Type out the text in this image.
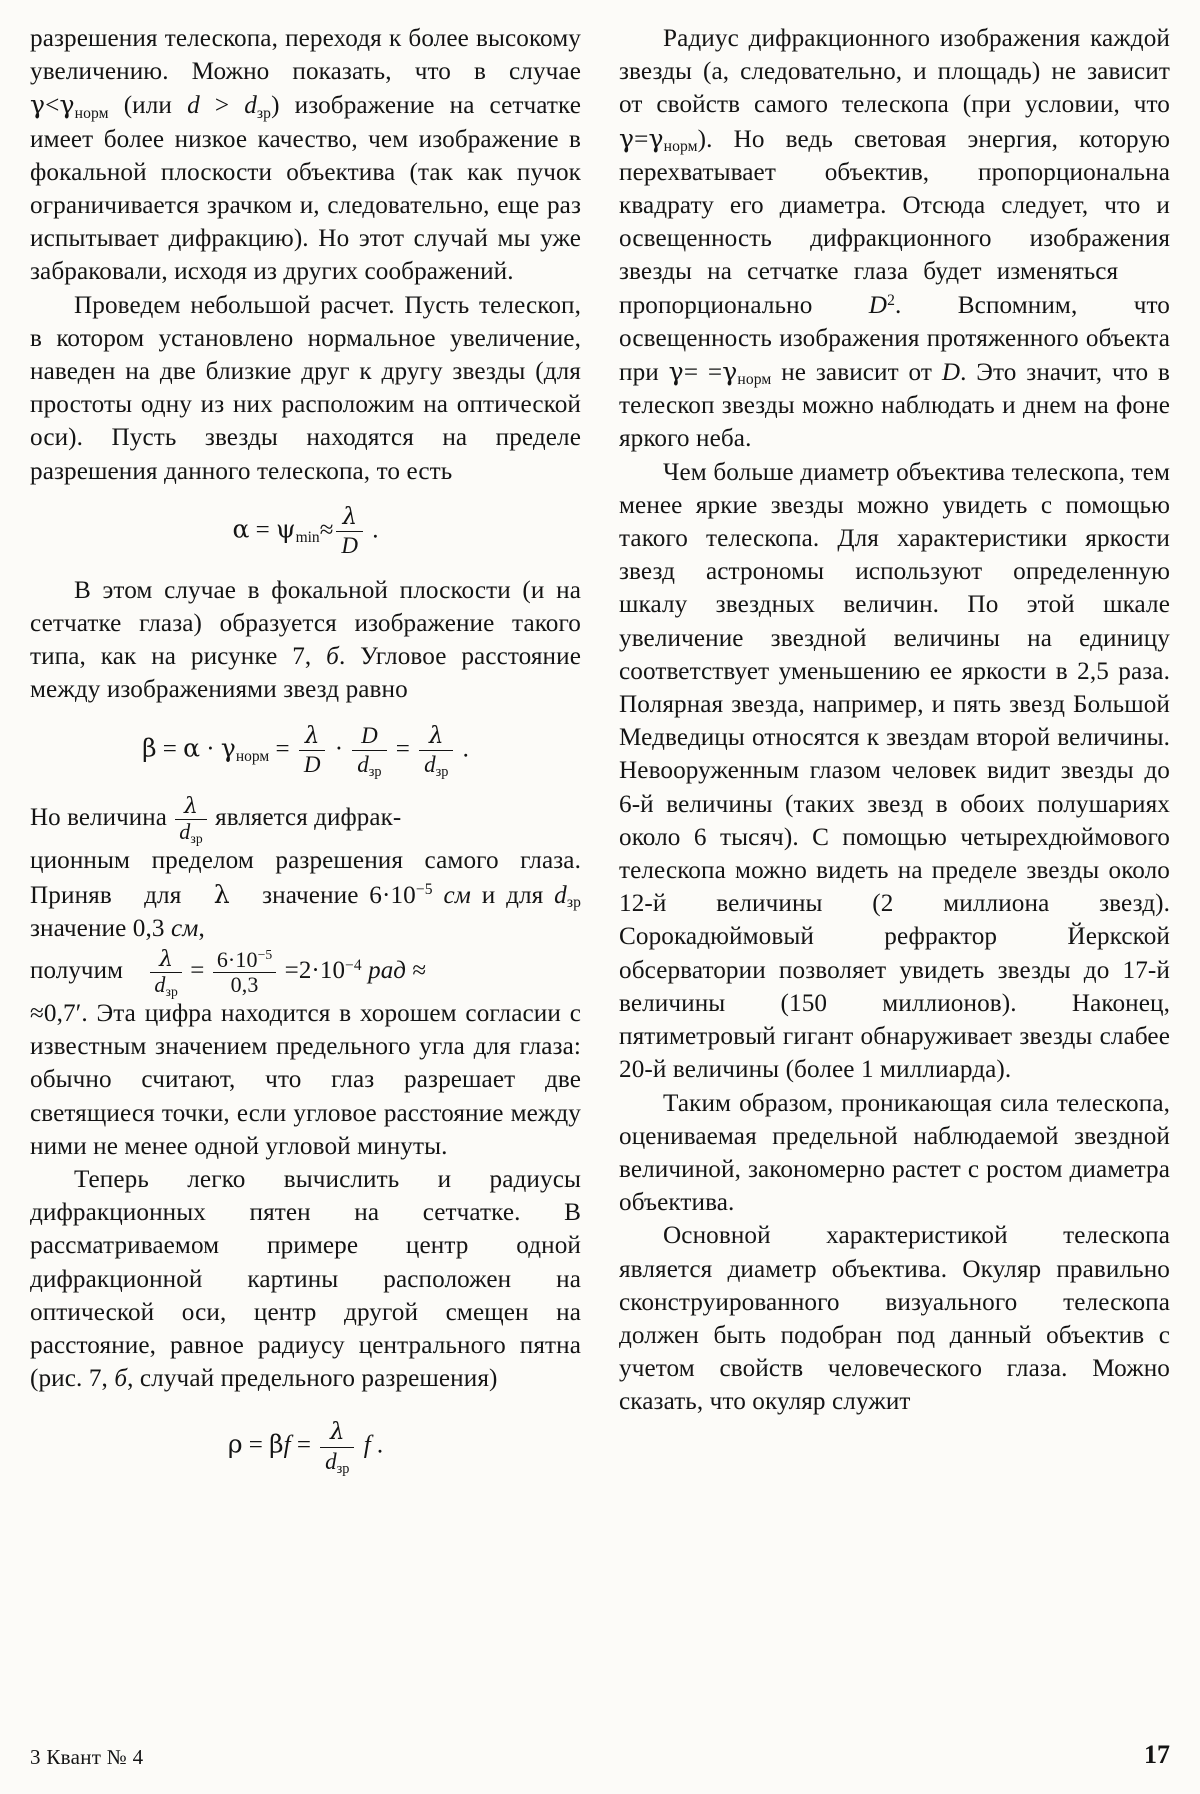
разрешения телескопа, переходя к более высокому увеличению. Можно показать, что в случае $\gamma<\gamma_{норм}$ (или $d > d_{зр}$) изображение на сетчатке имеет более низкое качество, чем изображение в фокальной плоскости объектива (так как пучок ограничивается зрачком и, следовательно, еще раз испытывает дифракцию). Но этот случай мы уже забраковали, исходя из других соображений.

Проведем небольшой расчет. Пусть телескоп, в котором установлено нормальное увеличение, наведен на две близкие друг к другу звезды (для простоты одну из них расположим на оптической оси). Пусть звезды находятся на пределе разрешения данного телескопа, то есть

$\alpha = \psi_{min}\approx \frac{\lambda}{D}$ .

В этом случае в фокальной плоскости (и на сетчатке глаза) образуется изображение такого типа, как на рисунке 7, б. Угловое расстояние между изображениями звезд равно

$\beta = \alpha \cdot \gamma_{норм} = \frac{\lambda}{D} \cdot \frac{D}{d_{зр}} = \frac{\lambda}{d_{зр}}$ .

Но величина $\frac{\lambda}{d_{зр}}$ является дифрак-

ционным пределом разрешения самого глаза. Приняв   для   λ   значение $6\cdot 10^{-5}$ см и для $d_{зр}$ значение 0,3 см,

получим $\frac{\lambda}{d_{зр}} = \frac{6\cdot 10^{-5}}{0,3} =2\cdot 10^{-4}$ рад ≈

≈0,7′. Эта цифра находится в хорошем согласии с известным значением предельного угла для глаза: обычно считают, что глаз разрешает две светящиеся точки, если угловое расстояние между ними не менее одной угловой минуты.

Теперь легко вычислить и радиусы дифракционных пятен на сетчатке. В рассматриваемом примере центр одной дифракционной картины расположен на оптической оси, центр другой смещен на расстояние, равное радиусу центрального пятна (рис. 7, б, случай предельного разрешения)

$\rho = \beta f = \frac{\lambda}{d_{зр}}$ f .

Радиус дифракционного изображения каждой звезды (а, следовательно, и площадь) не зависит от свойств самого телескопа (при условии, что $\gamma=\gamma_{норм}$). Но ведь световая энергия, которую перехватывает объектив, пропорциональна квадрату его диаметра. Отсюда следует, что и освещенность дифракционного изображения звезды на сетчатке глаза будет изменяться     пропорционально $D^2$. Вспомним, что освещенность изображения протяженного объекта при $\gamma= =\gamma_{норм}$ не зависит от D. Это значит, что в телескоп звезды можно наблюдать и днем на фоне яркого неба.

Чем больше диаметр объектива телескопа, тем менее яркие звезды можно увидеть с помощью такого телескопа. Для характеристики яркости звезд астрономы используют определенную шкалу звездных величин. По этой шкале увеличение звездной величины на единицу соответствует уменьшению ее яркости в 2,5 раза. Полярная звезда, например, и пять звезд Большой Медведицы относятся к звездам второй величины. Невооруженным глазом человек видит звезды до 6-й величины (таких звезд в обоих полушариях около 6 тысяч). С помощью четырехдюймового телескопа можно видеть на пределе звезды около 12-й величины (2 миллиона звезд). Сорокадюймовый рефрактор Йеркской обсерватории позволяет увидеть звезды до 17-й величины (150 миллионов). Наконец, пятиметровый гигант обнаруживает звезды слабее 20-й величины (более 1 миллиарда).

Таким образом, проникающая сила телескопа, оцениваемая предельной наблюдаемой звездной величиной, закономерно растет с ростом диаметра объектива.

Основной характеристикой телескопа является диаметр объектива. Окуляр правильно сконструированного визуального телескопа должен быть подобран под данный объектив с учетом свойств человеческого глаза. Можно сказать, что окуляр служит

3 Квант № 4	17
